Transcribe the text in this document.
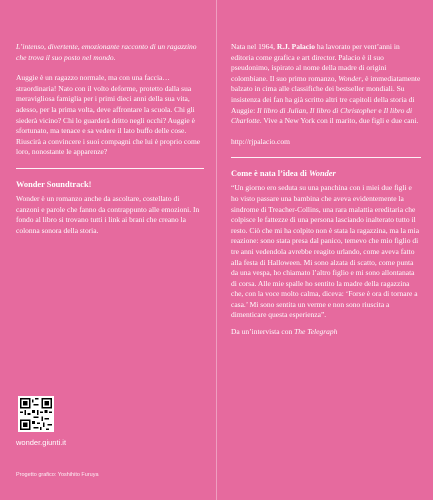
L’intenso, divertente, emozionante racconto di un ragazzino che trova il suo posto nel mondo.

Auggie è un ragazzo normale, ma con una faccia… straordinaria! Nato con il volto deforme, protetto dalla sua meravigliosa famiglia per i primi dieci anni della sua vita, adesso, per la prima volta, deve affrontare la scuola. Chi gli siederà vicino? Chi lo guarderà dritto negli occhi? Auggie è sfortunato, ma tenace e sa vedere il lato buffo delle cose. Riuscirà a convincere i suoi compagni che lui è proprio come loro, nonostante le apparenze?

Wonder Soundtrack!

Wonder è un romanzo anche da ascoltare, costellato di canzoni e parole che fanno da contrappunto alle emozioni. In fondo al libro si trovano tutti i link ai brani che creano la colonna sonora della storia.

wonder.giunti.it
Progetto grafico: Yoshihito Furuya

Nata nel 1964, R.J. Palacio ha lavorato per vent’anni in editoria come grafica e art director. Palacio è il suo pseudonimo, ispirato al nome della madre di origini colombiane. Il suo primo romanzo, Wonder, è immediatamente balzato in cima alle classifiche dei bestseller mondiali. Su insistenza dei fan ha già scritto altri tre capitoli della storia di Auggie: Il libro di Julian, Il libro di Christopher e Il libro di Charlotte. Vive a New York con il marito, due figli e due cani.

http://rjpalacio.com

Come è nata l’idea di Wonder

“Un giorno ero seduta su una panchina con i miei due figli e ho visto passare una bambina che aveva evidentemente la sindrome di Treacher-Collins, una rara malattia ereditaria che colpisce le fattezze di una persona lasciando inalterato tutto il resto. Ciò che mi ha colpito non è stata la ragazzina, ma la mia reazione: sono stata presa dal panico, temevo che mio figlio di tre anni vedendola avrebbe reagito urlando, come aveva fatto alla festa di Halloween. Mi sono alzata di scatto, come punta da una vespa, ho chiamato l’altro figlio e mi sono allontanata di corsa. Alle mie spalle ho sentito la madre della ragazzina che, con la voce molto calma, diceva: ‘Forse è ora di tornare a casa.’ Mi sono sentita un verme e non sono riuscita a dimenticare questa esperienza”.

Da un’intervista con The Telegraph
